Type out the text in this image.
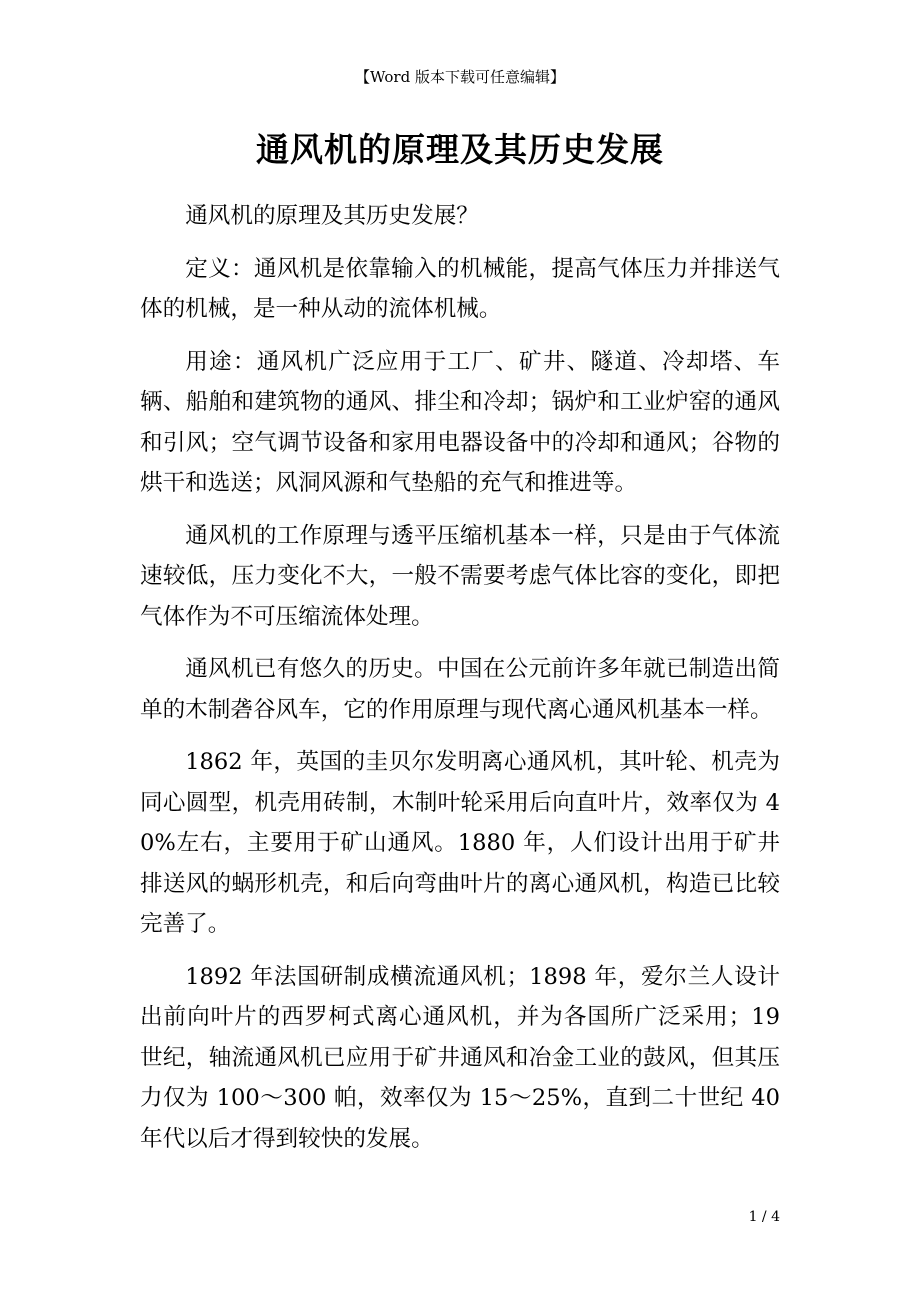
【Word 版本下载可任意编辑】
通风机的原理及其历史发展

通风机的原理及其历史发展？

定义：通风机是依靠输入的机械能，提高气体压力并排送气体的机械，是一种从动的流体机械。

用途：通风机广泛应用于工厂、矿井、隧道、冷却塔、车辆、船舶和建筑物的通风、排尘和冷却；锅炉和工业炉窑的通风和引风；空气调节设备和家用电器设备中的冷却和通风；谷物的烘干和选送；风洞风源和气垫船的充气和推进等。

通风机的工作原理与透平压缩机基本一样，只是由于气体流速较低，压力变化不大，一般不需要考虑气体比容的变化，即把气体作为不可压缩流体处理。

通风机已有悠久的历史。中国在公元前许多年就已制造出简单的木制砻谷风车，它的作用原理与现代离心通风机基本一样。

1862 年，英国的圭贝尔发明离心通风机，其叶轮、机壳为同心圆型，机壳用砖制，木制叶轮采用后向直叶片，效率仅为 40%左右，主要用于矿山通风。1880 年，人们设计出用于矿井排送风的蜗形机壳，和后向弯曲叶片的离心通风机，构造已比较完善了。

1892 年法国研制成横流通风机；1898 年，爱尔兰人设计出前向叶片的西罗柯式离心通风机，并为各国所广泛采用；19 世纪，轴流通风机已应用于矿井通风和冶金工业的鼓风，但其压力仅为 100～300 帕，效率仅为 15～25%，直到二十世纪 40 年代以后才得到较快的发展。

1 / 4
